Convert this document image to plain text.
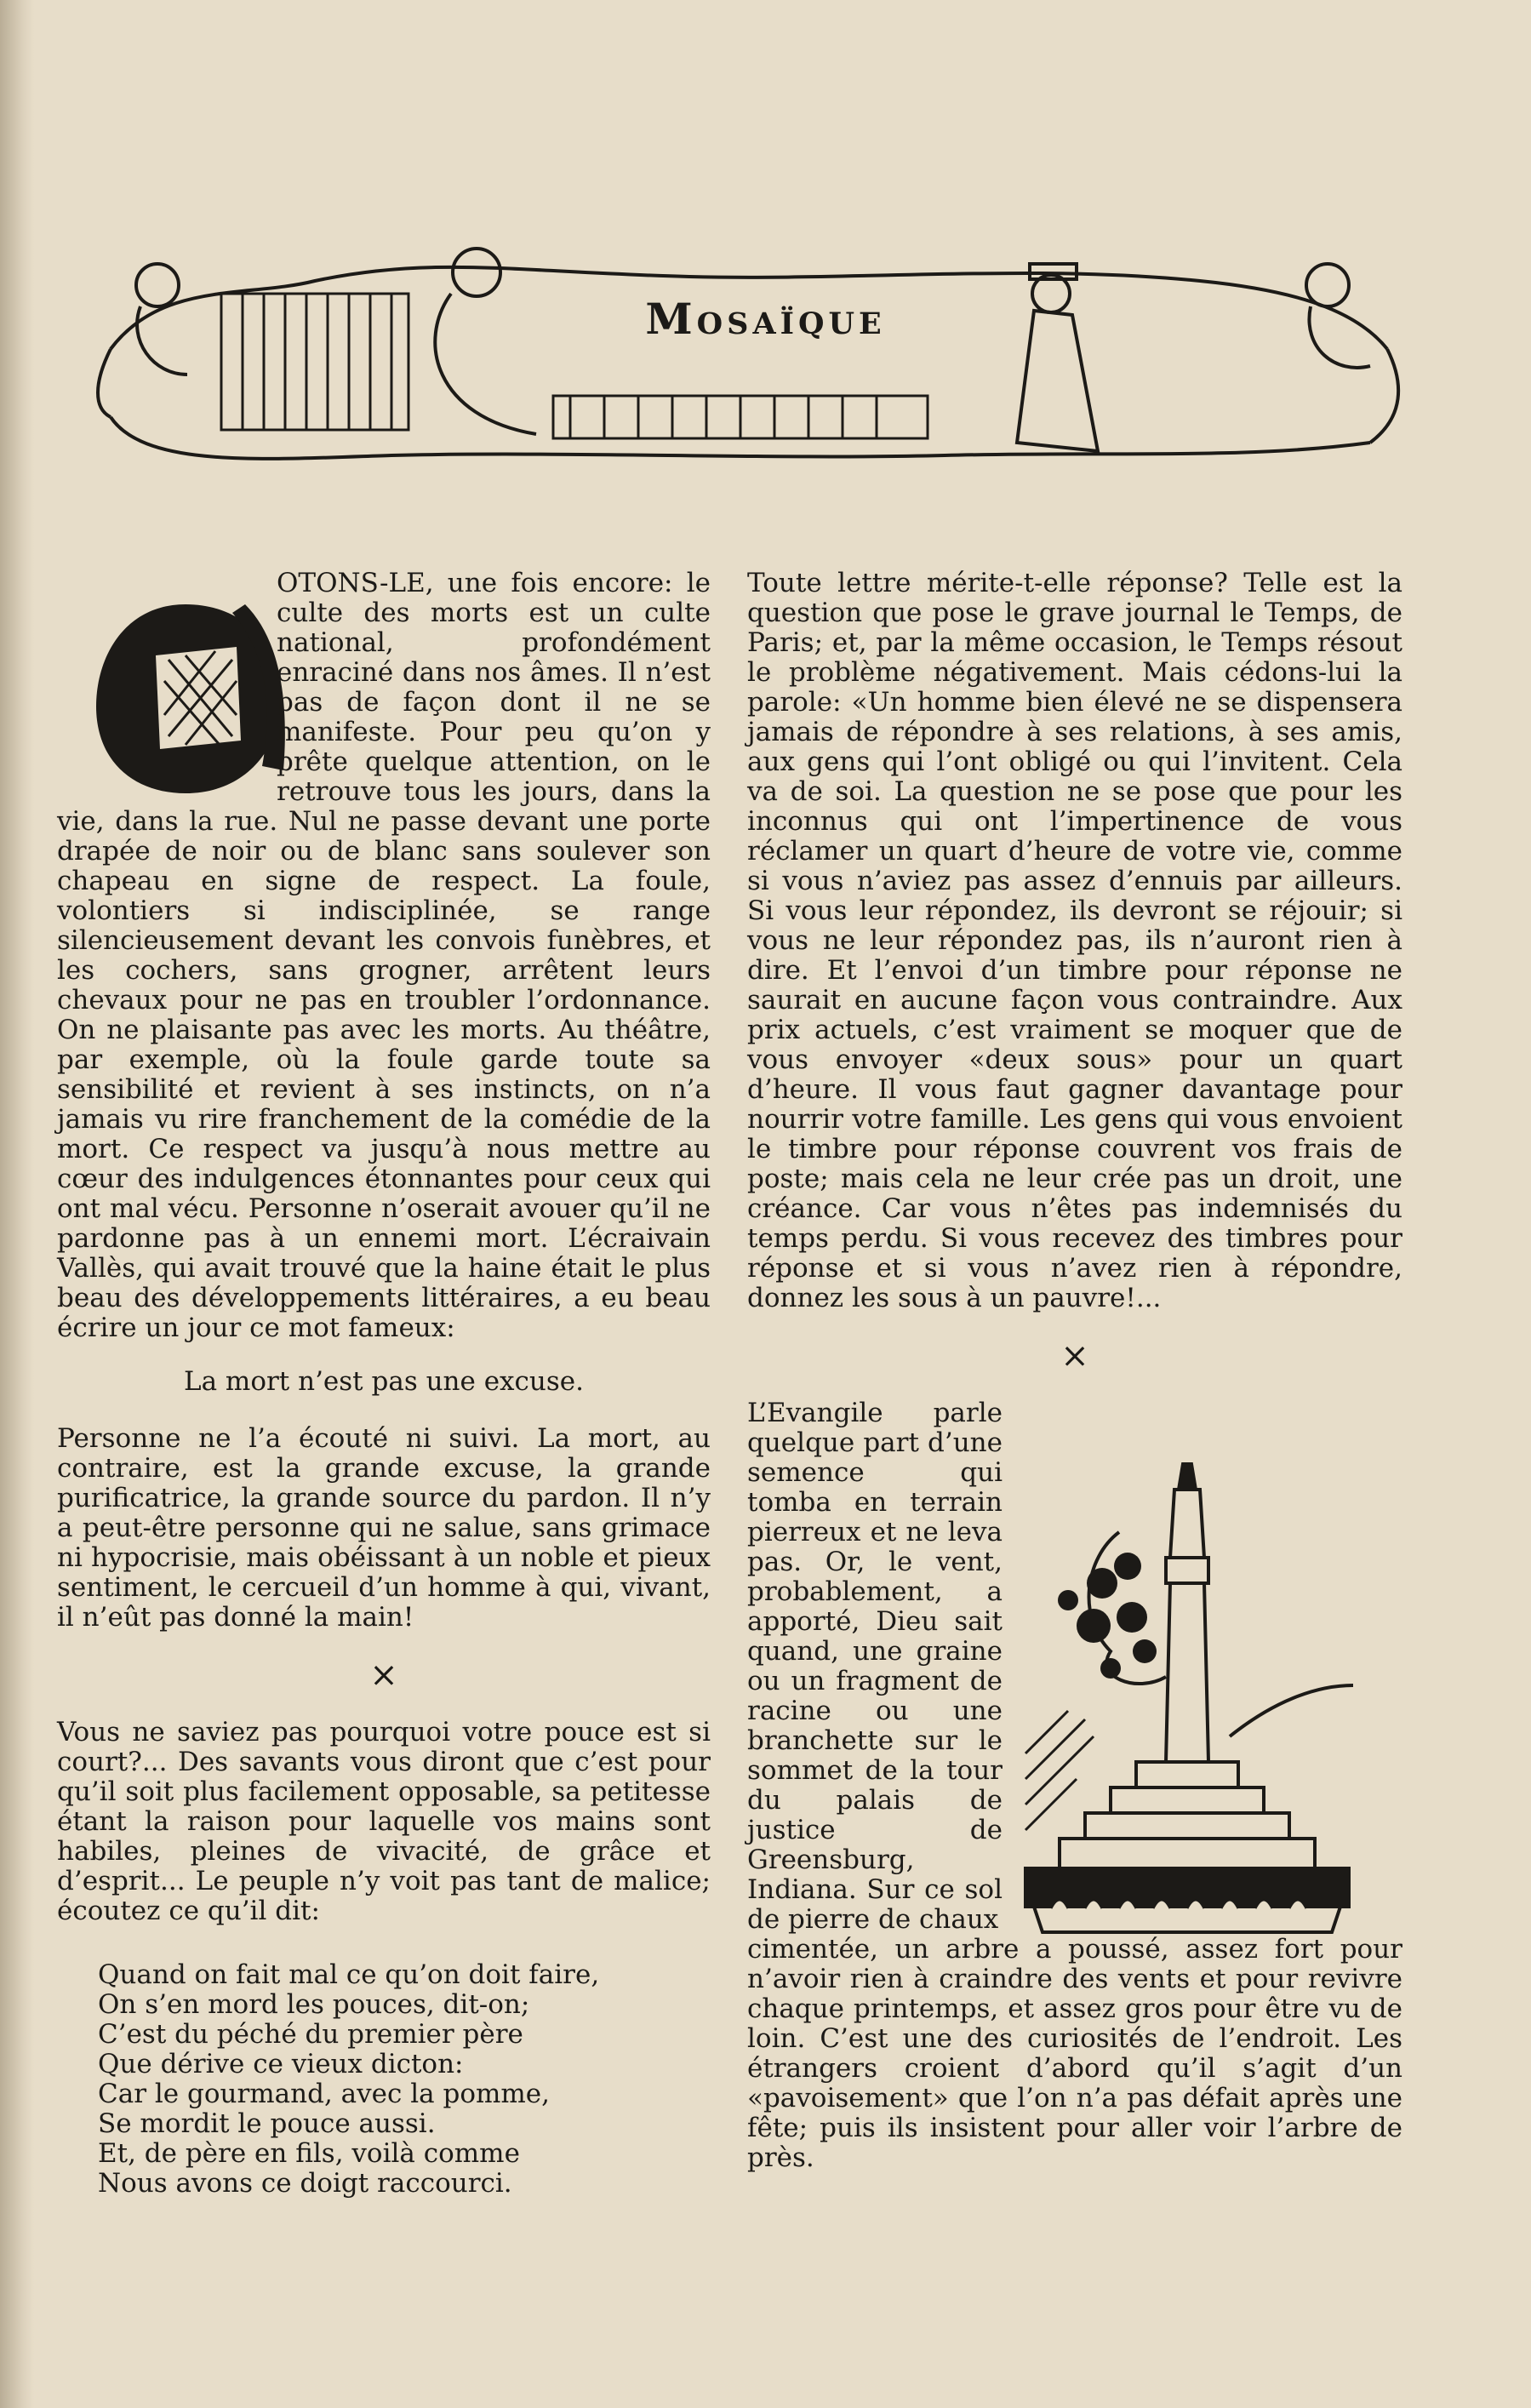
Mosaïque

OTONS-LE, une fois encore: le culte des morts est un culte national, profondément enraciné dans nos âmes. Il n’est pas de façon dont il ne se manifeste. Pour peu qu’on y prête quelque attention, on le retrouve tous les jours, dans la vie, dans la rue. Nul ne passe devant une porte drapée de noir ou de blanc sans soulever son chapeau en signe de respect. La foule, volontiers si indisciplinée, se range silencieusement devant les convois funèbres, et les cochers, sans grogner, arrêtent leurs chevaux pour ne pas en troubler l’ordonnance. On ne plaisante pas avec les morts. Au théâtre, par exemple, où la foule garde toute sa sensibilité et revient à ses instincts, on n’a jamais vu rire franchement de la comédie de la mort. Ce respect va jusqu’à nous mettre au cœur des indulgences étonnantes pour ceux qui ont mal vécu. Personne n’oserait avouer qu’il ne pardonne pas à un ennemi mort. L’écraivain Vallès, qui avait trouvé que la haine était le plus beau des développements littéraires, a eu beau écrire un jour ce mot fameux:

La mort n’est pas une excuse.

Personne ne l’a écouté ni suivi. La mort, au contraire, est la grande excuse, la grande purificatrice, la grande source du pardon. Il n’y a peut-être personne qui ne salue, sans grimace ni hypocrisie, mais obéissant à un noble et pieux sentiment, le cercueil d’un homme à qui, vivant, il n’eût pas donné la main!

×

Vous ne saviez pas pourquoi votre pouce est si court?... Des savants vous diront que c’est pour qu’il soit plus facilement opposable, sa petitesse étant la raison pour laquelle vos mains sont habiles, pleines de vivacité, de grâce et d’esprit... Le peuple n’y voit pas tant de malice; écoutez ce qu’il dit:

Quand on fait mal ce qu’on doit faire,
On s’en mord les pouces, dit-on;
C’est du péché du premier père
Que dérive ce vieux dicton:
Car le gourmand, avec la pomme,
Se mordit le pouce aussi.
Et, de père en fils, voilà comme
Nous avons ce doigt raccourci.

Toute lettre mérite-t-elle réponse? Telle est la question que pose le grave journal le Temps, de Paris; et, par la même occasion, le Temps résout le problème négativement. Mais cédons-lui la parole: «Un homme bien élevé ne se dispensera jamais de répondre à ses relations, à ses amis, aux gens qui l’ont obligé ou qui l’invitent. Cela va de soi. La question ne se pose que pour les inconnus qui ont l’impertinence de vous réclamer un quart d’heure de votre vie, comme si vous n’aviez pas assez d’ennuis par ailleurs. Si vous leur répondez, ils devront se réjouir; si vous ne leur répondez pas, ils n’auront rien à dire. Et l’envoi d’un timbre pour réponse ne saurait en aucune façon vous contraindre. Aux prix actuels, c’est vraiment se moquer que de vous envoyer «deux sous» pour un quart d’heure. Il vous faut gagner davantage pour nourrir votre famille. Les gens qui vous envoient le timbre pour réponse couvrent vos frais de poste; mais cela ne leur crée pas un droit, une créance. Car vous n’êtes pas indemnisés du temps perdu. Si vous recevez des timbres pour réponse et si vous n’avez rien à répondre, donnez les sous à un pauvre!...

×

L’Evangile parle quelque part d’une semence qui tomba en terrain pierreux et ne leva pas. Or, le vent, probablement, a apporté, Dieu sait quand, une graine ou un fragment de racine ou une branchette sur le sommet de la tour du palais de justice de Greensburg, Indiana. Sur ce sol de pierre de chaux

cimentée, un arbre a poussé, assez fort pour n’avoir rien à craindre des vents et pour revivre chaque printemps, et assez gros pour être vu de loin. C’est une des curiosités de l’endroit. Les étrangers croient d’abord qu’il s’agit d’un «pavoisement» que l’on n’a pas défait après une fête; puis ils insistent pour aller voir l’arbre de près.
